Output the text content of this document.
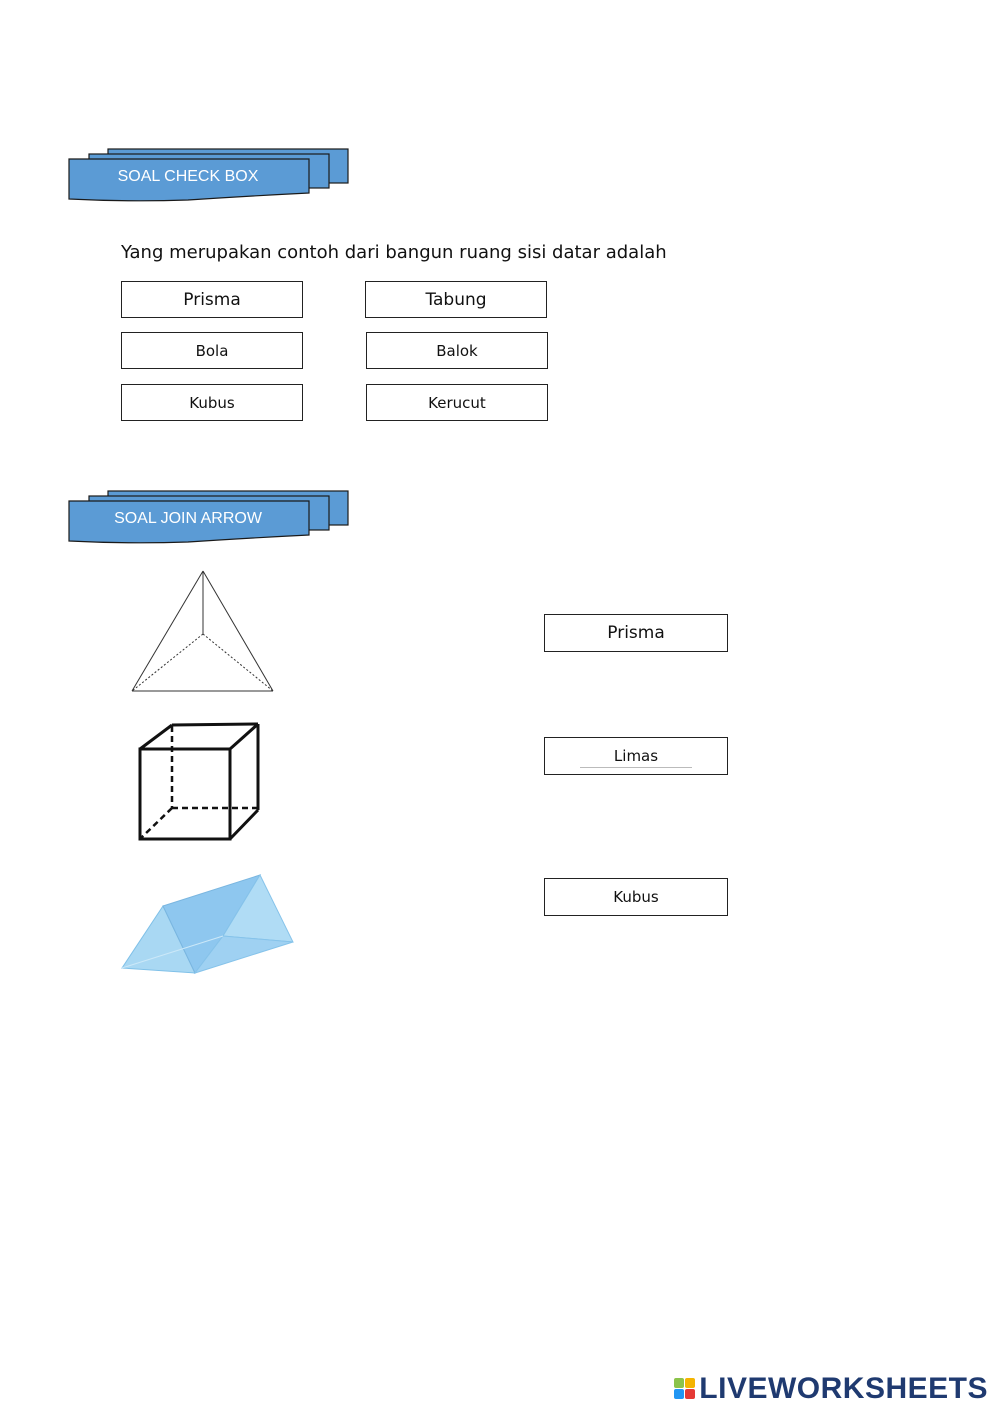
SOAL CHECK BOX
Yang merupakan contoh dari bangun ruang sisi datar adalah
Prisma	Tabung
Bola	Balok
Kubus	Kerucut
SOAL JOIN ARROW
Prisma
Limas
Kubus
LIVEWORKSHEETS
